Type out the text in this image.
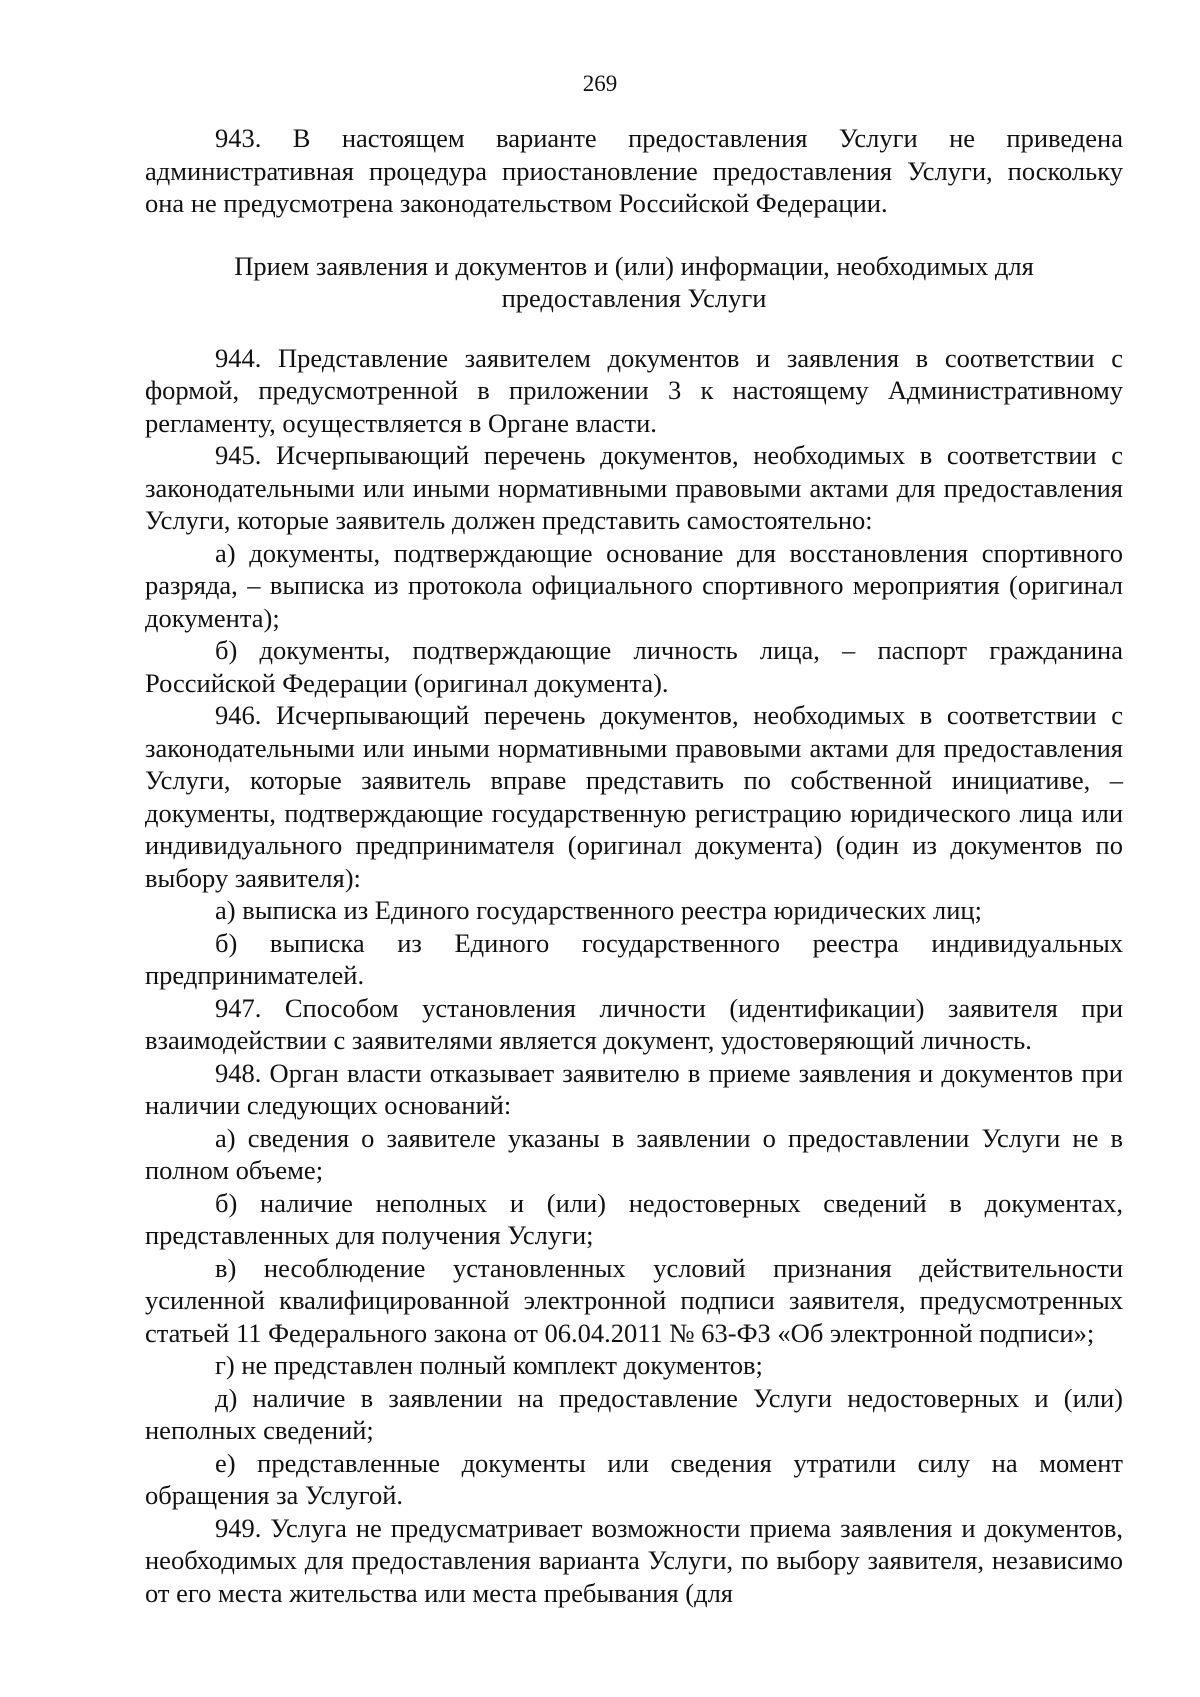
269

943. В настоящем варианте предоставления Услуги не приведена административная процедура приостановление предоставления Услуги, поскольку она не предусмотрена законодательством Российской Федерации.

Прием заявления и документов и (или) информации, необходимых для предоставления Услуги

944. Представление заявителем документов и заявления в соответствии с формой, предусмотренной в приложении 3 к настоящему Административному регламенту, осуществляется в Органе власти.

945. Исчерпывающий перечень документов, необходимых в соответствии с законодательными или иными нормативными правовыми актами для предоставления Услуги, которые заявитель должен представить самостоятельно:

а) документы, подтверждающие основание для восстановления спортивного разряда, – выписка из протокола официального спортивного мероприятия (оригинал документа);

б) документы, подтверждающие личность лица, – паспорт гражданина Российской Федерации (оригинал документа).

946. Исчерпывающий перечень документов, необходимых в соответствии с законодательными или иными нормативными правовыми актами для предоставления Услуги, которые заявитель вправе представить по собственной инициативе, – документы, подтверждающие государственную регистрацию юридического лица или индивидуального предпринимателя (оригинал документа) (один из документов по выбору заявителя):

а) выписка из Единого государственного реестра юридических лиц;

б) выписка из Единого государственного реестра индивидуальных предпринимателей.

947. Способом установления личности (идентификации) заявителя при взаимодействии с заявителями является документ, удостоверяющий личность.

948. Орган власти отказывает заявителю в приеме заявления и документов при наличии следующих оснований:

а) сведения о заявителе указаны в заявлении о предоставлении Услуги не в полном объеме;

б) наличие неполных и (или) недостоверных сведений в документах, представленных для получения Услуги;

в) несоблюдение установленных условий признания действительности усиленной квалифицированной электронной подписи заявителя, предусмотренных статьей 11 Федерального закона от 06.04.2011 № 63-ФЗ «Об электронной подписи»;

г) не представлен полный комплект документов;

д) наличие в заявлении на предоставление Услуги недостоверных и (или) неполных сведений;

е) представленные документы или сведения утратили силу на момент обращения за Услугой.

949. Услуга не предусматривает возможности приема заявления и документов, необходимых для предоставления варианта Услуги, по выбору заявителя, независимо от его места жительства или места пребывания (для
